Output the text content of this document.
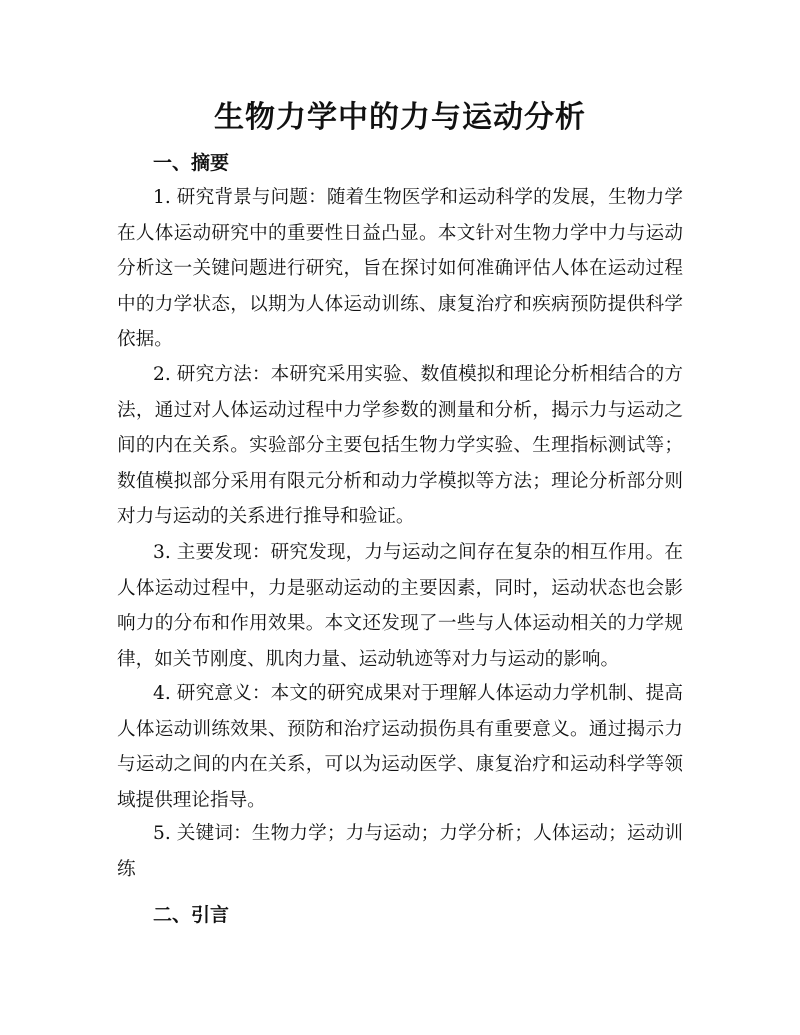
生物力学中的力与运动分析
一、摘要
1. 研究背景与问题：随着生物医学和运动科学的发展，生物力学
在人体运动研究中的重要性日益凸显。本文针对生物力学中力与运动
分析这一关键问题进行研究，旨在探讨如何准确评估人体在运动过程
中的力学状态，以期为人体运动训练、康复治疗和疾病预防提供科学
依据。
2. 研究方法：本研究采用实验、数值模拟和理论分析相结合的方
法，通过对人体运动过程中力学参数的测量和分析，揭示力与运动之
间的内在关系。实验部分主要包括生物力学实验、生理指标测试等；
数值模拟部分采用有限元分析和动力学模拟等方法；理论分析部分则
对力与运动的关系进行推导和验证。
3. 主要发现：研究发现，力与运动之间存在复杂的相互作用。在
人体运动过程中，力是驱动运动的主要因素，同时，运动状态也会影
响力的分布和作用效果。本文还发现了一些与人体运动相关的力学规
律，如关节刚度、肌肉力量、运动轨迹等对力与运动的影响。
4. 研究意义：本文的研究成果对于理解人体运动力学机制、提高
人体运动训练效果、预防和治疗运动损伤具有重要意义。通过揭示力
与运动之间的内在关系，可以为运动医学、康复治疗和运动科学等领
域提供理论指导。
5. 关键词：生物力学；力与运动；力学分析；人体运动；运动训
练
二、引言
